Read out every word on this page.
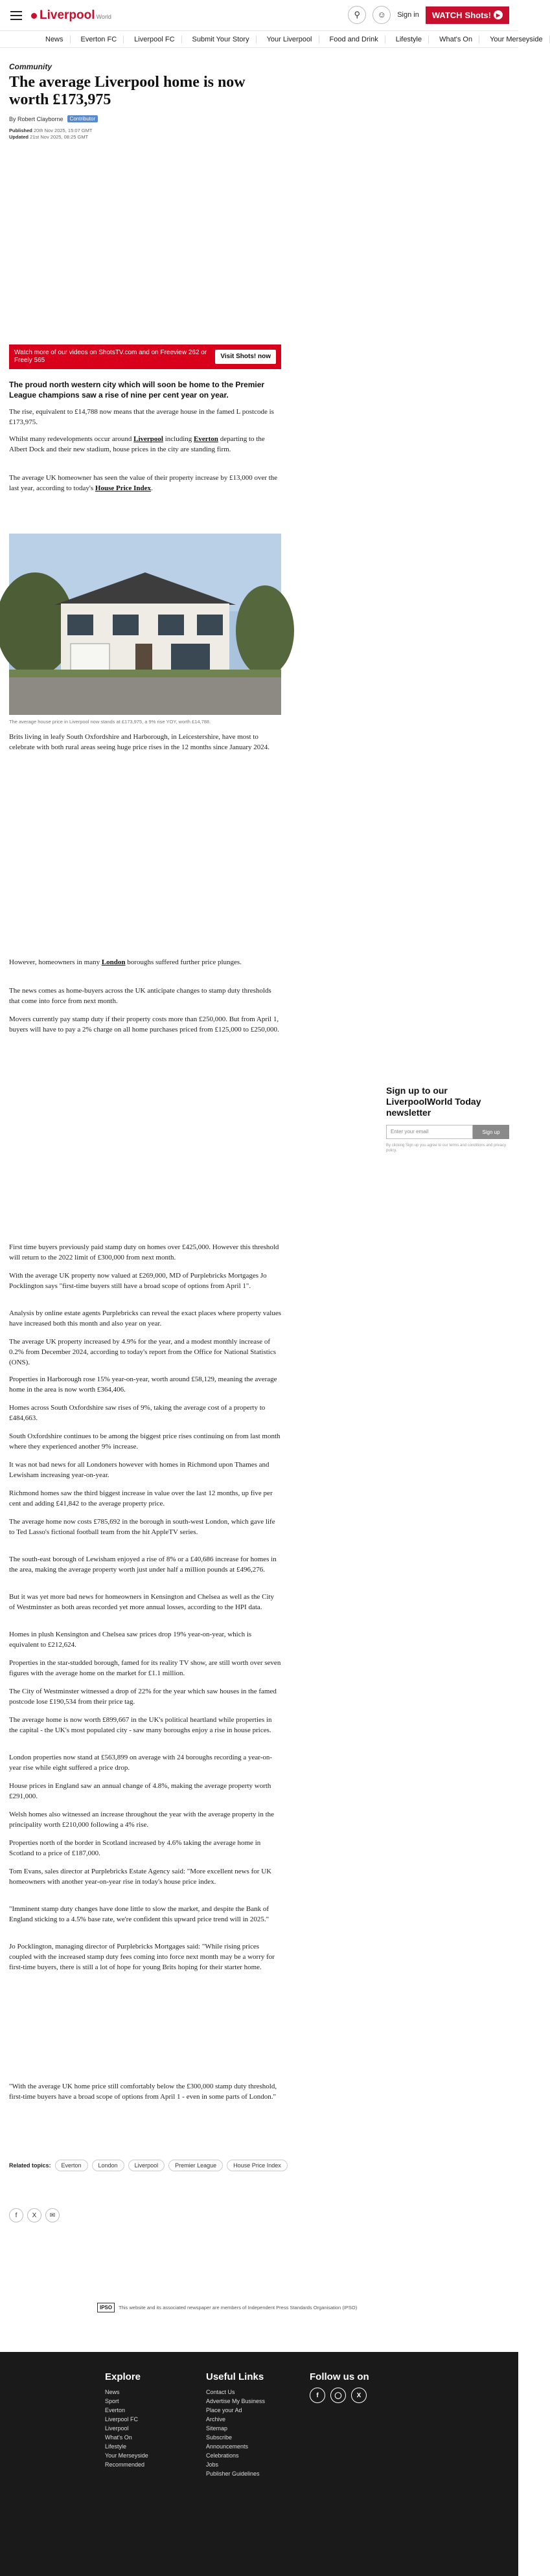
Liverpool World	⚲	☺	Sign in WATCH Shots! ▶
News	Everton FC	Liverpool FC	Submit Your Story	Your Liverpool	Food and Drink	Lifestyle	What's On	Your Merseyside
Community
The average Liverpool home is now worth £173,975
By Robert Clayborne	Contributor
Published 20th Nov 2025, 15:07 GMT
Updated 21st Nov 2025, 08:25 GMT
Watch more of our videos on ShotsTV.com and on Freeview 262 or Freely 565
Visit Shots! now

The proud north western city which will soon be home to the Premier League champions saw a rise of nine per cent year on year.

The rise, equivalent to £14,788 now means that the average house in the famed L postcode is £173,975.

Whilst many redevelopments occur around Liverpool including Everton departing to the Albert Dock and their new stadium, house prices in the city are standing firm.

The average UK homeowner has seen the value of their property increase by £13,000 over the last year, according to today's House Price Index.

The average house price in Liverpool now stands at £173,975, a 9% rise YOY, worth £14,788.

Brits living in leafy South Oxfordshire and Harborough, in Leicestershire, have most to celebrate with both rural areas seeing huge price rises in the 12 months since January 2024.

However, homeowners in many London boroughs suffered further price plunges.

The news comes as home-buyers across the UK anticipate changes to stamp duty thresholds that come into force from next month.

Movers currently pay stamp duty if their property costs more than £250,000. But from April 1, buyers will have to pay a 2% charge on all home purchases priced from £125,000 to £250,000.

First time buyers previously paid stamp duty on homes over £425,000. However this threshold will return to the 2022 limit of £300,000 from next month.

With the average UK property now valued at £269,000, MD of Purplebricks Mortgages Jo Pocklington says "first-time buyers still have a broad scope of options from April 1".

Analysis by online estate agents Purplebricks can reveal the exact places where property values have increased both this month and also year on year.

The average UK property increased by 4.9% for the year, and a modest monthly increase of 0.2% from December 2024, according to today's report from the Office for National Statistics (ONS).

Properties in Harborough rose 15% year-on-year, worth around £58,129, meaning the average home in the area is now worth £364,406.

Homes across South Oxfordshire saw rises of 9%, taking the average cost of a property to £484,663.

South Oxfordshire continues to be among the biggest price rises continuing on from last month where they experienced another 9% increase.

It was not bad news for all Londoners however with homes in Richmond upon Thames and Lewisham increasing year-on-year.

Richmond homes saw the third biggest increase in value over the last 12 months, up five per cent and adding £41,842 to the average property price.

The average home now costs £785,692 in the borough in south-west London, which gave life to Ted Lasso's fictional football team from the hit AppleTV series.

The south-east borough of Lewisham enjoyed a rise of 8% or a £40,686 increase for homes in the area, making the average property worth just under half a million pounds at £496,276.

But it was yet more bad news for homeowners in Kensington and Chelsea as well as the City of Westminster as both areas recorded yet more annual losses, according to the HPI data.

Homes in plush Kensington and Chelsea saw prices drop 19% year-on-year, which is equivalent to £212,624.

Properties in the star-studded borough, famed for its reality TV show, are still worth over seven figures with the average home on the market for £1.1 million.

The City of Westminster witnessed a drop of 22% for the year which saw houses in the famed postcode lose £190,534 from their price tag.

The average home is now worth £899,667 in the UK's political heartland while properties in the capital - the UK's most populated city - saw many boroughs enjoy a rise in house prices.

London properties now stand at £563,899 on average with 24 boroughs recording a year-on-year rise while eight suffered a price drop.

House prices in England saw an annual change of 4.8%, making the average property worth £291,000.

Welsh homes also witnessed an increase throughout the year with the average property in the principality worth £210,000 following a 4% rise.

Properties north of the border in Scotland increased by 4.6% taking the average home in Scotland to a price of £187,000.

Tom Evans, sales director at Purplebricks Estate Agency said: "More excellent news for UK homeowners with another year-on-year rise in today's house price index.

"Imminent stamp duty changes have done little to slow the market, and despite the Bank of England sticking to a 4.5% base rate, we're confident this upward price trend will in 2025."

Jo Pocklington, managing director of Purplebricks Mortgages said: "While rising prices coupled with the increased stamp duty fees coming into force next month may be a worry for first-time buyers, there is still a lot of hope for young Brits hoping for their starter home.

"With the average UK home price still comfortably below the £300,000 stamp duty threshold, first-time buyers have a broad scope of options from April 1 - even in some parts of London."

Sign up to our LiverpoolWorld Today newsletter
Enter your email	Sign up
By clicking Sign up you agree to our terms and conditions and privacy policy.
Related topics:	Everton	London	Liverpool	Premier League	House Price Index
f	X	✉
IPSO	This website and its associated newspaper are members of Independent Press Standards Organisation (IPSO)
Explore
News
Sport
Everton
Liverpool FC
Liverpool
What's On
Lifestyle
Your Merseyside
Recommended
Useful Links
Contact Us
Advertise My Business
Place your Ad
Archive
Sitemap
Subscribe
Announcements
Celebrations
Jobs
Publisher Guidelines
Follow us on
f	◯	X
